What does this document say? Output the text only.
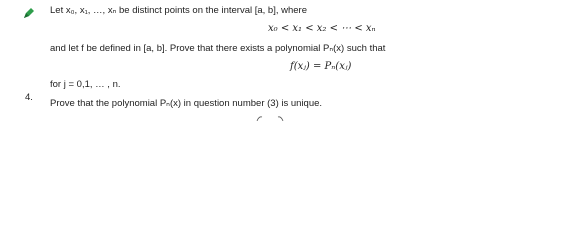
Let x₀, x₁, …, xₙ be distinct points on the interval [a, b], where
x₀ < x₁ < x₂ < ⋯ < xₙ
and let f be defined in [a, b]. Prove that there exists a polynomial Pₙ(x) such that
f(xⱼ) = Pₙ(xⱼ)
for j = 0,1, … , n.
4.
Prove that the polynomial Pₙ(x) in question number (3) is unique.
